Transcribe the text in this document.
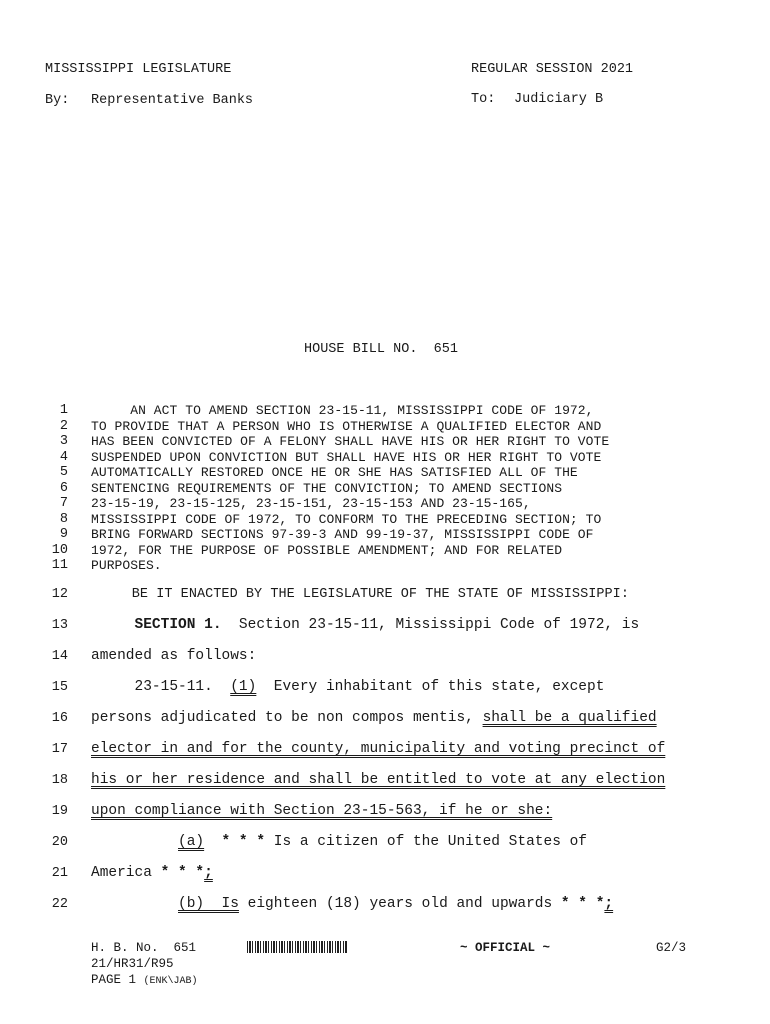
MISSISSIPPI LEGISLATURE	REGULAR SESSION 2021
By: Representative Banks	To: Judiciary B
HOUSE BILL NO.  651
1 AN ACT TO AMEND SECTION 23-15-11, MISSISSIPPI CODE OF 1972,
2 TO PROVIDE THAT A PERSON WHO IS OTHERWISE A QUALIFIED ELECTOR AND
3 HAS BEEN CONVICTED OF A FELONY SHALL HAVE HIS OR HER RIGHT TO VOTE
4 SUSPENDED UPON CONVICTION BUT SHALL HAVE HIS OR HER RIGHT TO VOTE
5 AUTOMATICALLY RESTORED ONCE HE OR SHE HAS SATISFIED ALL OF THE
6 SENTENCING REQUIREMENTS OF THE CONVICTION; TO AMEND SECTIONS
7 23-15-19, 23-15-125, 23-15-151, 23-15-153 AND 23-15-165,
8 MISSISSIPPI CODE OF 1972, TO CONFORM TO THE PRECEDING SECTION; TO
9 BRING FORWARD SECTIONS 97-39-3 AND 99-19-37, MISSISSIPPI CODE OF
10 1972, FOR THE PURPOSE OF POSSIBLE AMENDMENT; AND FOR RELATED
11 PURPOSES.
12 BE IT ENACTED BY THE LEGISLATURE OF THE STATE OF MISSISSIPPI:
13	SECTION 1.  Section 23-15-11, Mississippi Code of 1972, is
14 amended as follows:
15 23-15-11.  (1)  Every inhabitant of this state, except
16 persons adjudicated to be non compos mentis, shall be a qualified
17 elector in and for the county, municipality and voting precinct of
18 his or her residence and shall be entitled to vote at any election
19 upon compliance with Section 23-15-563, if he or she:
20	(a) * * * Is a citizen of the United States of
21 America * * *;
22	(b)  Is eighteen (18) years old and upwards * * *;
H. B. No.  651	~ OFFICIAL ~	G2/3
21/HR31/R95
PAGE 1 (ENK\JAB)
